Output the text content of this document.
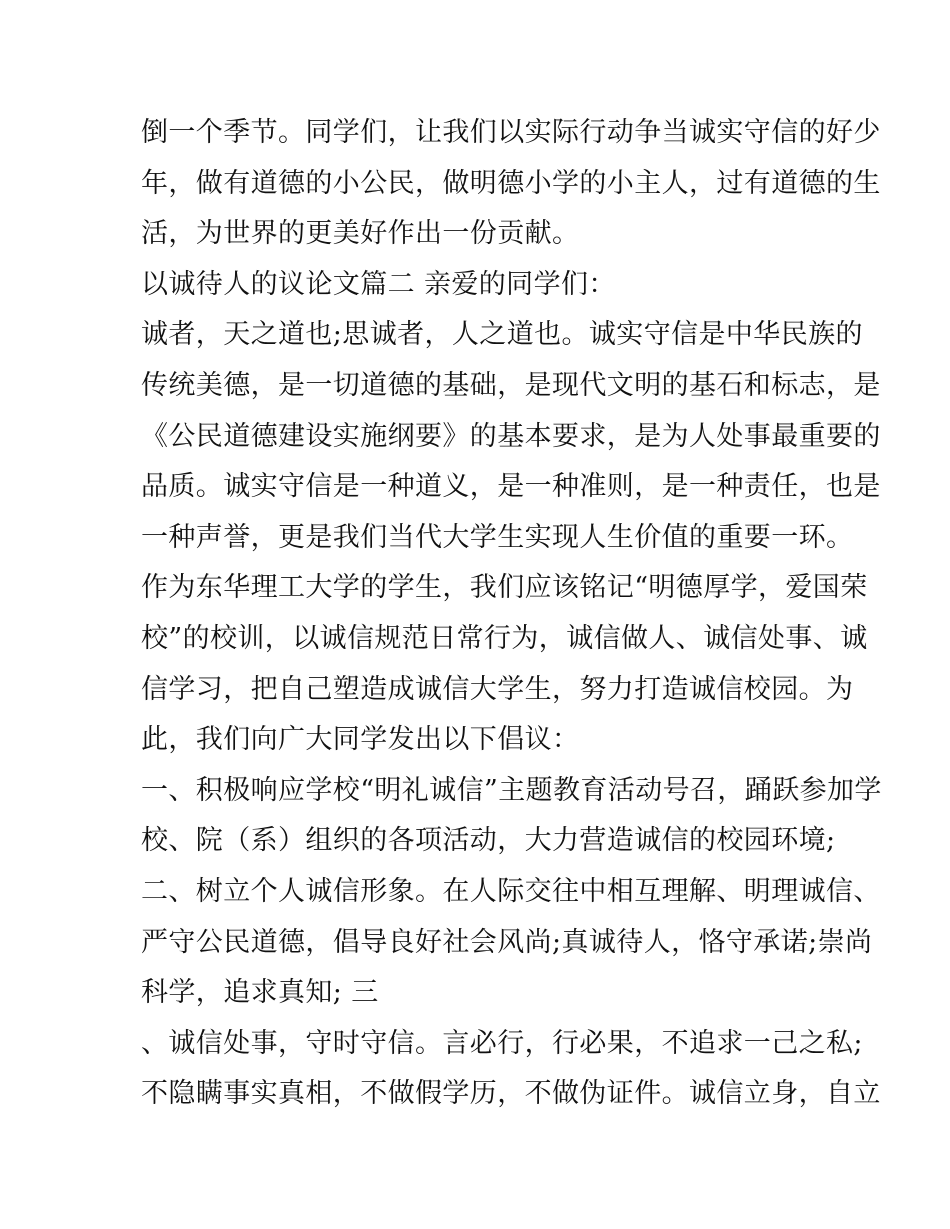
倒一个季节。同学们，让我们以实际行动争当诚实守信的好少
年，做有道德的小公民，做明德小学的小主人，过有道德的生
活，为世界的更美好作出一份贡献。
以诚待人的议论文篇二 亲爱的同学们：
诚者，天之道也;思诚者，人之道也。诚实守信是中华民族的
传统美德，是一切道德的基础，是现代文明的基石和标志，是
《公民道德建设实施纲要》的基本要求，是为人处事最重要的
品质。诚实守信是一种道义，是一种准则，是一种责任，也是
一种声誉，更是我们当代大学生实现人生价值的重要一环。
作为东华理工大学的学生，我们应该铭记“明德厚学，爱国荣
校”的校训，以诚信规范日常行为，诚信做人、诚信处事、诚
信学习，把自己塑造成诚信大学生，努力打造诚信校园。为
此，我们向广大同学发出以下倡议：
一、积极响应学校“明礼诚信”主题教育活动号召，踊跃参加学
校、院（系）组织的各项活动，大力营造诚信的校园环境;
二、树立个人诚信形象。在人际交往中相互理解、明理诚信、
严守公民道德，倡导良好社会风尚;真诚待人，恪守承诺;崇尚
科学，追求真知; 三
、诚信处事，守时守信。言必行，行必果，不追求一己之私;
不隐瞒事实真相，不做假学历，不做伪证件。诚信立身，自立
